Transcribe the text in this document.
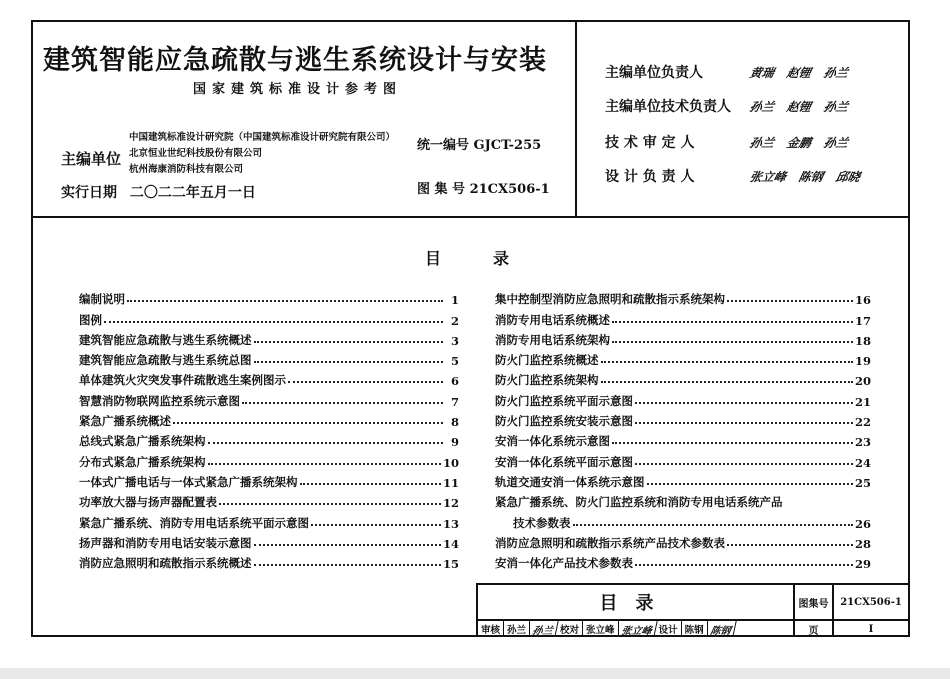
建筑智能应急疏散与逃生系统设计与安装
国家建筑标准设计参考图
主编单位
中国建筑标准设计研究院（中国建筑标准设计研究院有限公司）
北京恒业世纪科技股份有限公司
杭州海康消防科技有限公司
实行日期 二〇二二年五月一日
统一编号 GJCT-255
图 集 号 21CX506-1
主编单位负责人	黄瑞 赵锂 孙兰
主编单位技术负责人 孙兰 赵锂 孙兰
技 术 审 定 人	孙兰 金鹏 孙兰
设 计 负 责 人	张立峰 陈钢 邱晓
目录
编制说明	1
图例	2
建筑智能应急疏散与逃生系统概述	3
建筑智能应急疏散与逃生系统总图	5
单体建筑火灾突发事件疏散逃生案例图示	6
智慧消防物联网监控系统示意图	7
紧急广播系统概述	8
总线式紧急广播系统架构	9
分布式紧急广播系统架构	10
一体式广播电话与一体式紧急广播系统架构	11
功率放大器与扬声器配置表	12
紧急广播系统、消防专用电话系统平面示意图	13
扬声器和消防专用电话安装示意图	14
消防应急照明和疏散指示系统概述	15
集中控制型消防应急照明和疏散指示系统架构	16
消防专用电话系统概述	17
消防专用电话系统架构	18
防火门监控系统概述	19
防火门监控系统架构	20
防火门监控系统平面示意图	21
防火门监控系统安装示意图	22
安消一体化系统示意图	23
安消一体化系统平面示意图	24
轨道交通安消一体系统示意图	25
紧急广播系统、防火门监控系统和消防专用电话系统产品
技术参数表	26
消防应急照明和疏散指示系统产品技术参数表	28
安消一体化产品技术参数表	29
目录	图集号	21CX506-1
审核 孙兰 孙兰 校对 张立峰 张立峰 设计 陈钢 陈钢	页	I
